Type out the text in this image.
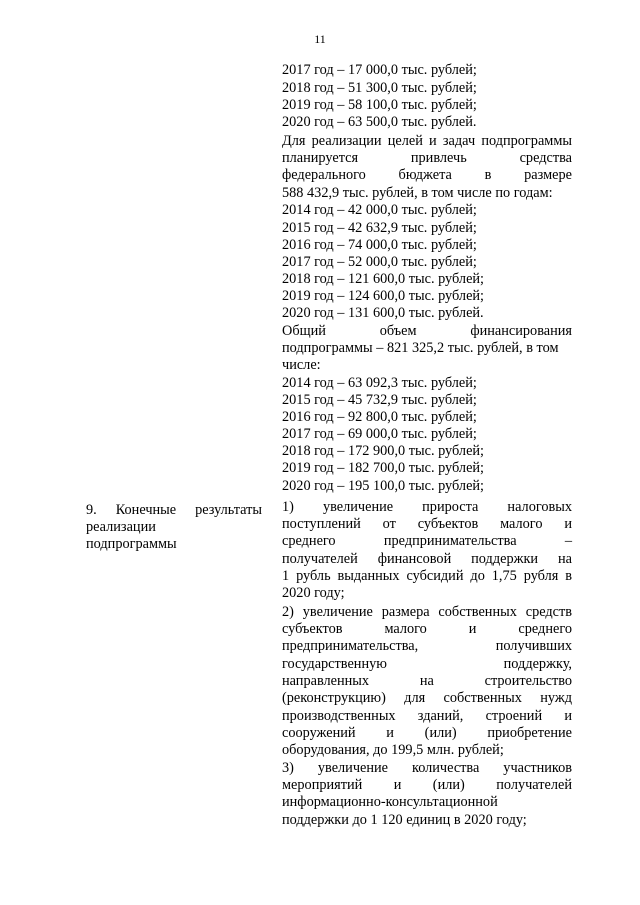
11
2017 год – 17 000,0 тыс. рублей;
2018 год – 51 300,0 тыс. рублей;
2019 год – 58 100,0 тыс. рублей;
2020 год – 63 500,0 тыс. рублей.
Для реализации целей и задач подпрограммы
планируется привлечь средства
федерального бюджета в размере
588 432,9 тыс. рублей, в том числе по годам:
2014 год – 42 000,0 тыс. рублей;
2015 год – 42 632,9 тыс. рублей;
2016 год – 74 000,0 тыс. рублей;
2017 год – 52 000,0 тыс. рублей;
2018 год – 121 600,0 тыс. рублей;
2019 год – 124 600,0 тыс. рублей;
2020 год – 131 600,0 тыс. рублей.
Общий объем финансирования
подпрограммы – 821 325,2 тыс. рублей, в том
числе:
2014 год – 63 092,3 тыс. рублей;
2015 год – 45 732,9 тыс. рублей;
2016 год – 92 800,0 тыс. рублей;
2017 год – 69 000,0 тыс. рублей;
2018 год – 172 900,0 тыс. рублей;
2019 год – 182 700,0 тыс. рублей;
2020 год – 195 100,0 тыс. рублей;
1) увеличение прироста налоговых
поступлений от субъектов малого и
среднего предпринимательства –
получателей финансовой поддержки на
1 рубль выданных субсидий до 1,75 рубля в
2020 году;
2) увеличение размера собственных средств
субъектов малого и среднего
предпринимательства, получивших
государственную поддержку,
направленных на строительство
(реконструкцию) для собственных нужд
производственных зданий, строений и
сооружений и (или) приобретение
оборудования, до 199,5 млн. рублей;
3) увеличение количества участников
мероприятий и (или) получателей
информационно-консультационной
поддержки до 1 120 единиц в 2020 году;
9. Конечные результаты
реализации
подпрограммы
